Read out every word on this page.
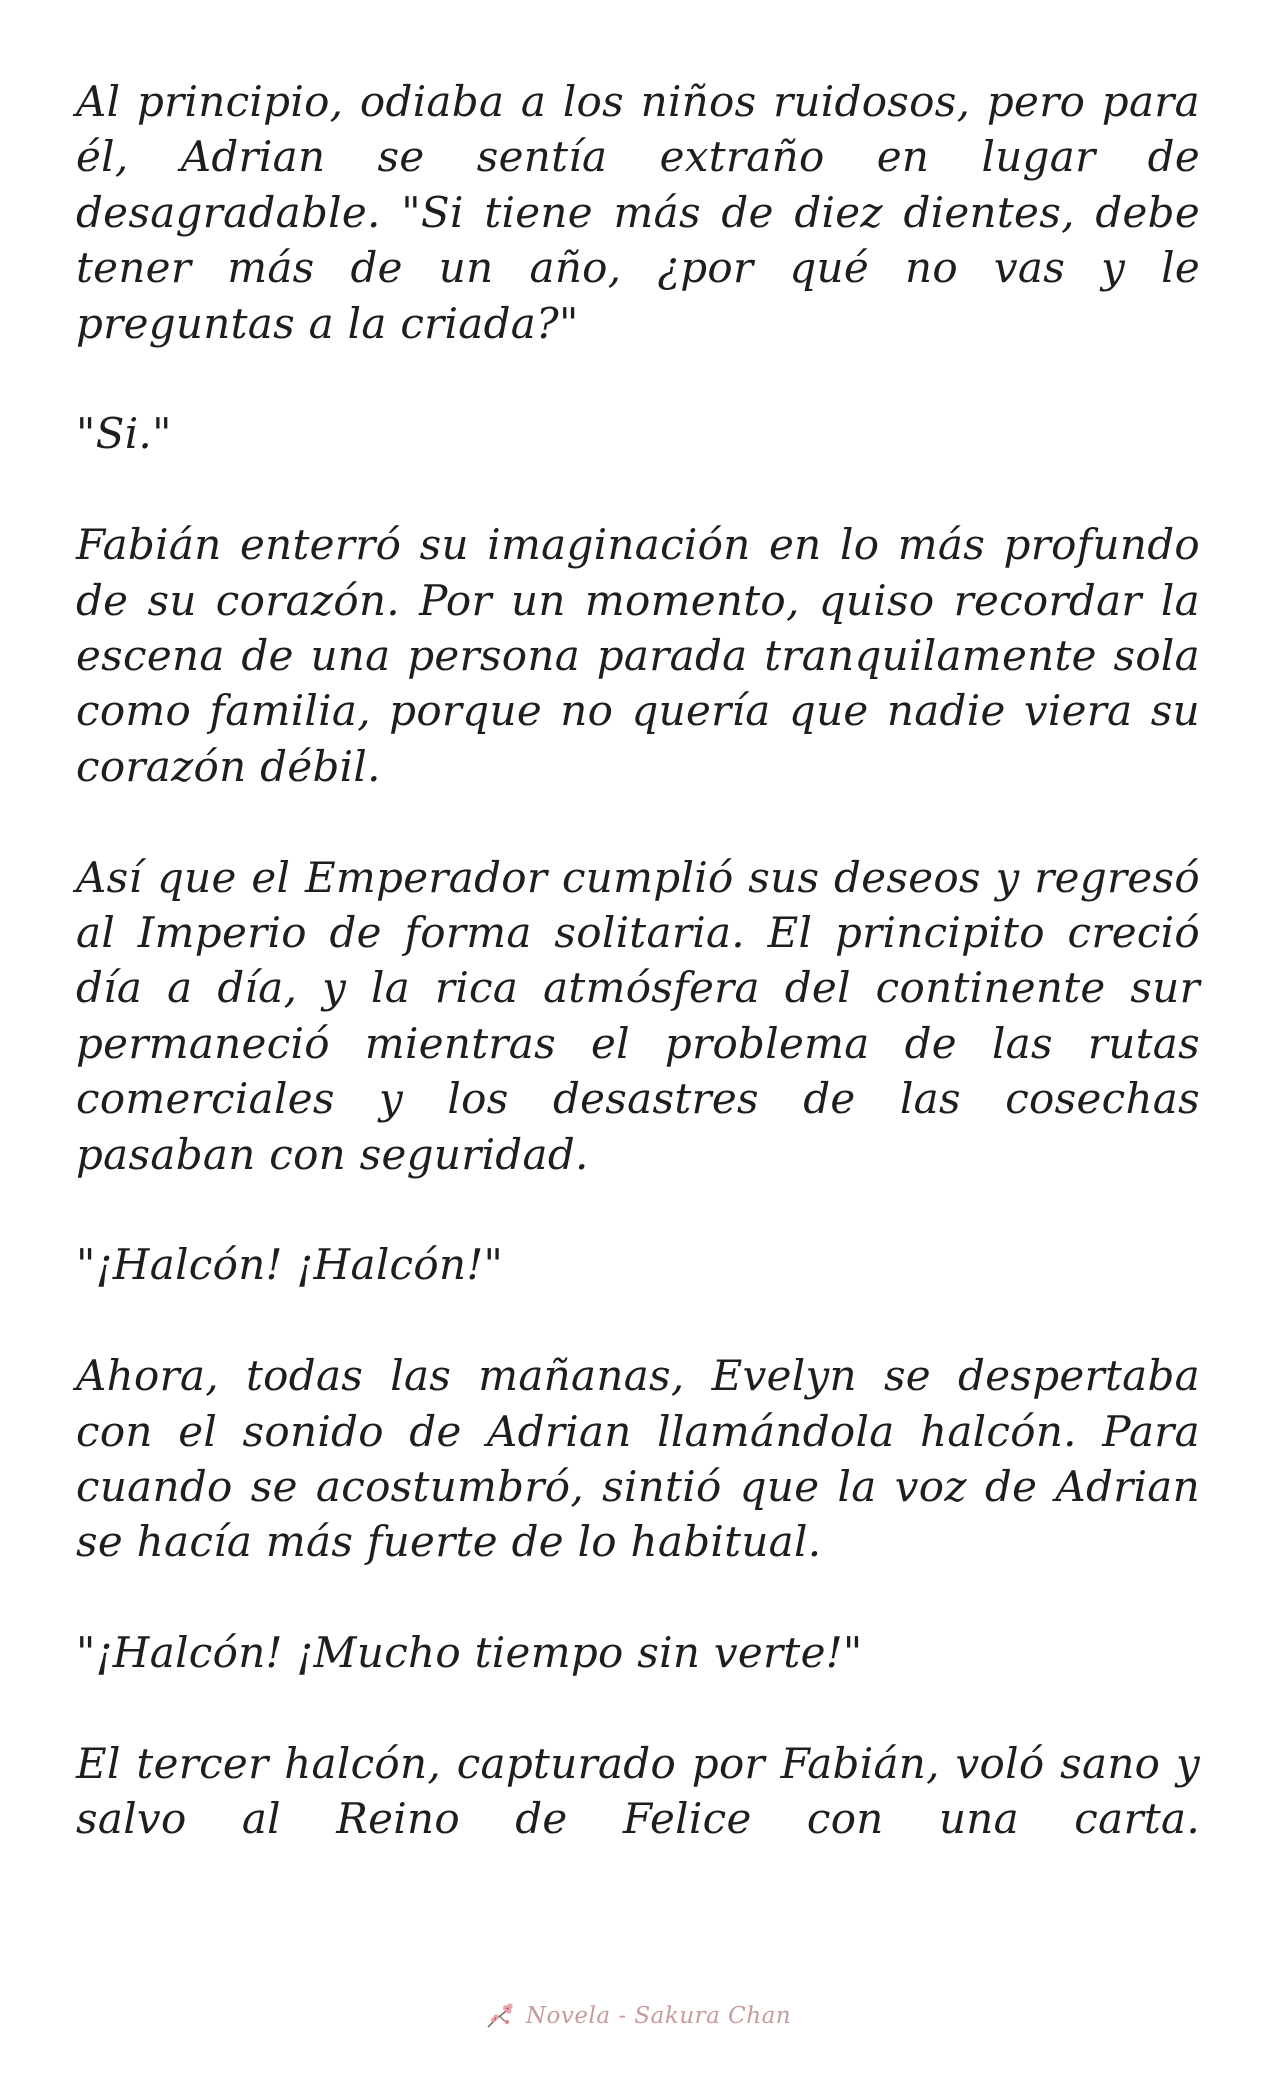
Al principio, odiaba a los niños ruidosos, pero para él, Adrian se sentía extraño en lugar de desagradable. "Si tiene más de diez dientes, debe tener más de un año, ¿por qué no vas y le preguntas a la criada?"

"Si."

Fabián enterró su imaginación en lo más profundo de su corazón. Por un momento, quiso recordar la escena de una persona parada tranquilamente sola como familia, porque no quería que nadie viera su corazón débil.

Así que el Emperador cumplió sus deseos y regresó al Imperio de forma solitaria. El principito creció día a día, y la rica atmósfera del continente sur permaneció mientras el problema de las rutas comerciales y los desastres de las cosechas pasaban con seguridad.

"¡Halcón! ¡Halcón!"

Ahora, todas las mañanas, Evelyn se despertaba con el sonido de Adrian llamándola halcón. Para cuando se acostumbró, sintió que la voz de Adrian se hacía más fuerte de lo habitual.

"¡Halcón! ¡Mucho tiempo sin verte!"

El tercer halcón, capturado por Fabián, voló sano y salvo al Reino de Felice con una carta.

Novela - Sakura Chan
